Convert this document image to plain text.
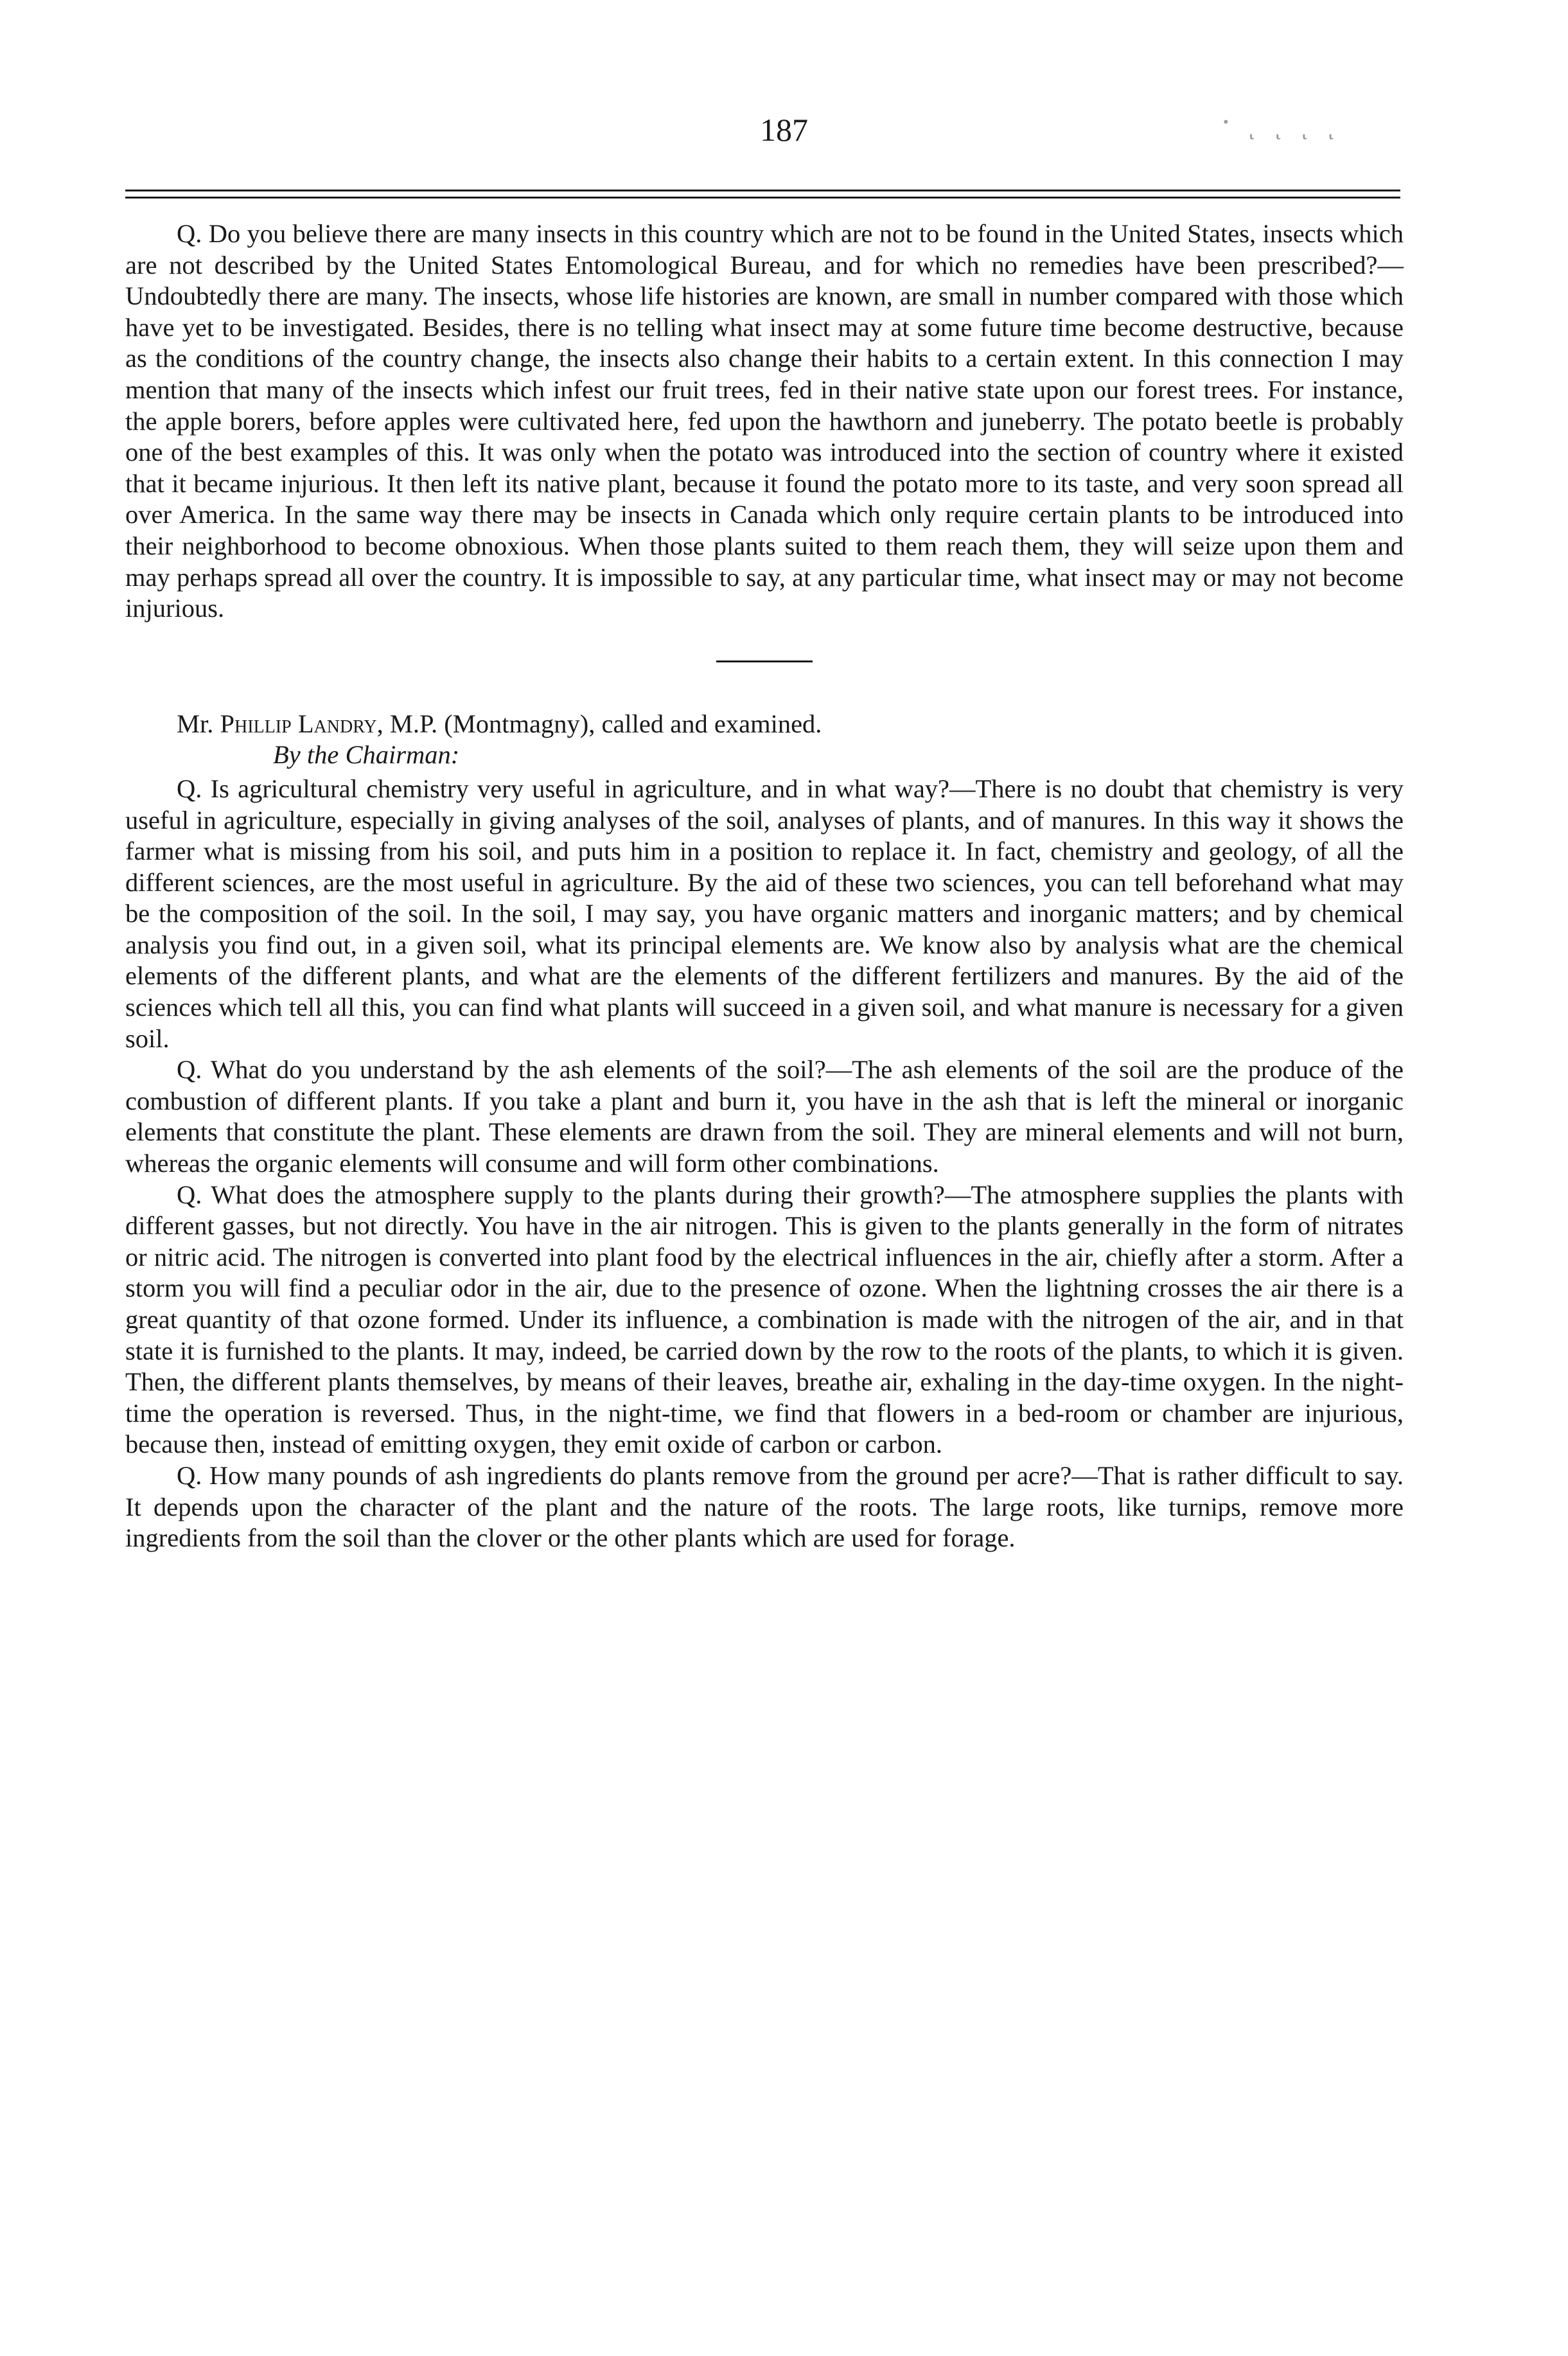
187	· ͺ ͺ ͺ ͺ

Q. Do you believe there are many insects in this country which are not to be found in the United States, insects which are not described by the United States Entomological Bureau, and for which no remedies have been prescribed?—Undoubtedly there are many. The insects, whose life histories are known, are small in number compared with those which have yet to be investigated. Besides, there is no telling what insect may at some future time become destructive, because as the conditions of the country change, the insects also change their habits to a certain extent. In this connection I may mention that many of the insects which infest our fruit trees, fed in their native state upon our forest trees. For instance, the apple borers, before apples were cultivated here, fed upon the hawthorn and juneberry. The potato beetle is probably one of the best examples of this. It was only when the potato was introduced into the section of country where it existed that it became injurious. It then left its native plant, because it found the potato more to its taste, and very soon spread all over America. In the same way there may be insects in Canada which only require certain plants to be introduced into their neighborhood to become obnoxious. When those plants suited to them reach them, they will seize upon them and may perhaps spread all over the country. It is impossible to say, at any particular time, what insect may or may not become injurious.

Mr. Phillip Landry, M.P. (Montmagny), called and examined.

By the Chairman:

Q. Is agricultural chemistry very useful in agriculture, and in what way?—There is no doubt that chemistry is very useful in agriculture, especially in giving analyses of the soil, analyses of plants, and of manures. In this way it shows the farmer what is missing from his soil, and puts him in a position to replace it. In fact, chemistry and geology, of all the different sciences, are the most useful in agriculture. By the aid of these two sciences, you can tell beforehand what may be the composition of the soil. In the soil, I may say, you have organic matters and inorganic matters; and by chemical analysis you find out, in a given soil, what its principal elements are. We know also by analysis what are the chemical elements of the different plants, and what are the elements of the different fertilizers and manures. By the aid of the sciences which tell all this, you can find what plants will succeed in a given soil, and what manure is necessary for a given soil.

Q. What do you understand by the ash elements of the soil?—The ash elements of the soil are the produce of the combustion of different plants. If you take a plant and burn it, you have in the ash that is left the mineral or inorganic elements that constitute the plant. These elements are drawn from the soil. They are mineral elements and will not burn, whereas the organic elements will consume and will form other combinations.

Q. What does the atmosphere supply to the plants during their growth?—The atmosphere supplies the plants with different gasses, but not directly. You have in the air nitrogen. This is given to the plants generally in the form of nitrates or nitric acid. The nitrogen is converted into plant food by the electrical influences in the air, chiefly after a storm. After a storm you will find a peculiar odor in the air, due to the presence of ozone. When the lightning crosses the air there is a great quantity of that ozone formed. Under its influence, a combination is made with the nitrogen of the air, and in that state it is furnished to the plants. It may, indeed, be carried down by the row to the roots of the plants, to which it is given. Then, the different plants themselves, by means of their leaves, breathe air, exhaling in the day-time oxygen. In the night-time the operation is reversed. Thus, in the night-time, we find that flowers in a bed-room or chamber are injurious, because then, instead of emitting oxygen, they emit oxide of carbon or carbon.

Q. How many pounds of ash ingredients do plants remove from the ground per acre?—That is rather difficult to say. It depends upon the character of the plant and the nature of the roots. The large roots, like turnips, remove more ingredients from the soil than the clover or the other plants which are used for forage.
